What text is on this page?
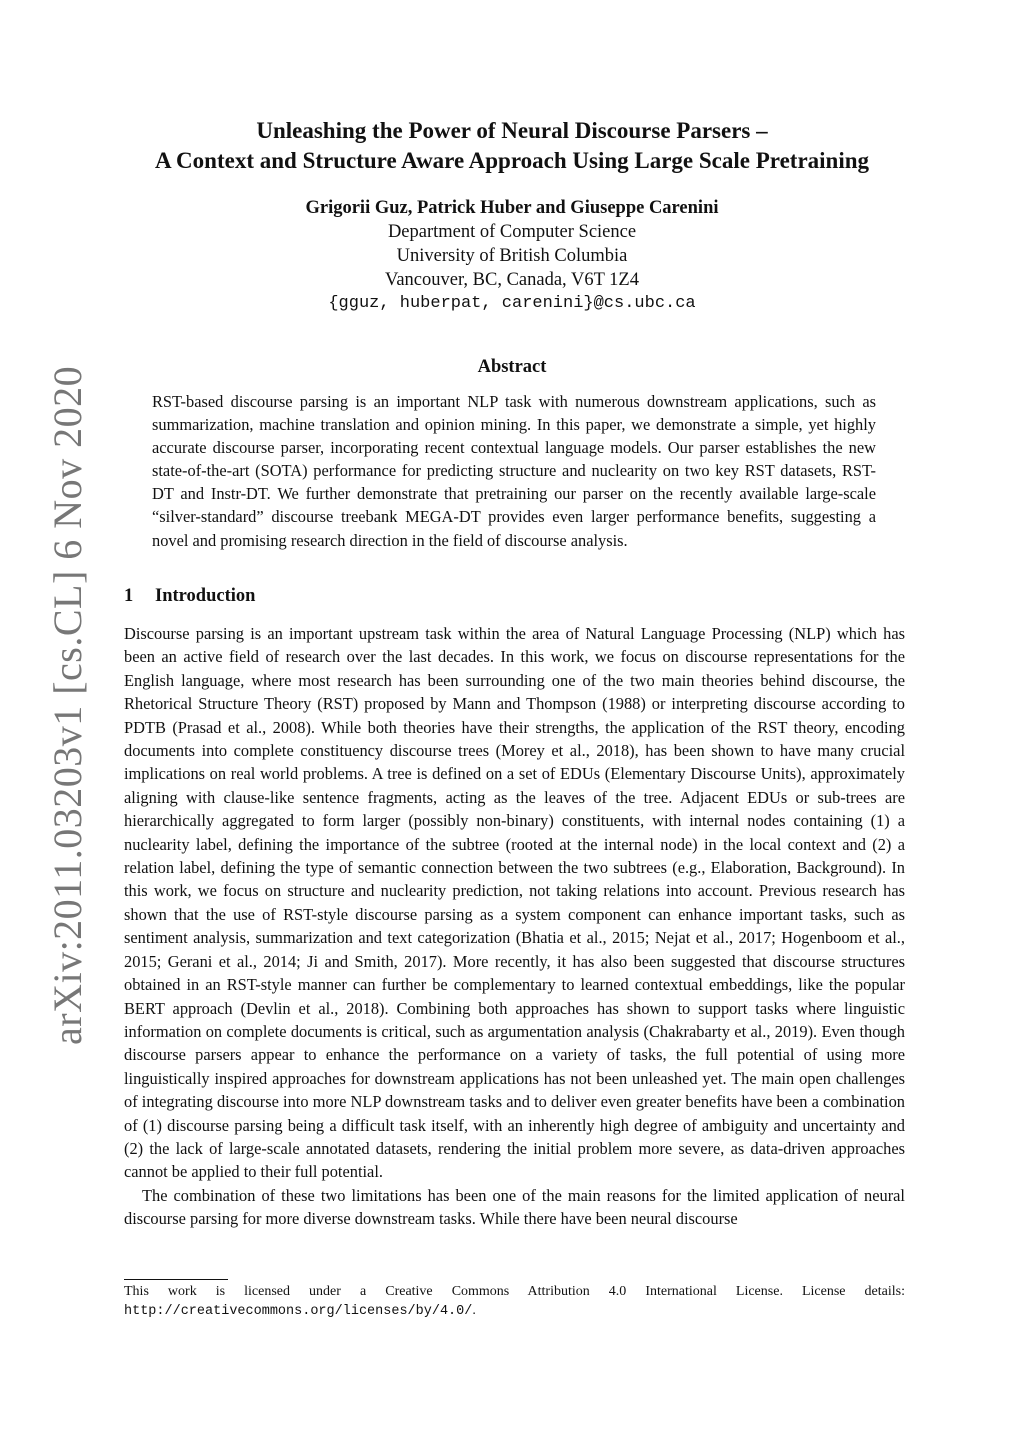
arXiv:2011.03203v1 [cs.CL] 6 Nov 2020
Unleashing the Power of Neural Discourse Parsers –
A Context and Structure Aware Approach Using Large Scale Pretraining
Grigorii Guz, Patrick Huber and Giuseppe Carenini
Department of Computer Science
University of British Columbia
Vancouver, BC, Canada, V6T 1Z4
{gguz, huberpat, carenini}@cs.ubc.ca
Abstract
RST-based discourse parsing is an important NLP task with numerous downstream applications, such as summarization, machine translation and opinion mining. In this paper, we demonstrate a simple, yet highly accurate discourse parser, incorporating recent contextual language models. Our parser establishes the new state-of-the-art (SOTA) performance for predicting structure and nuclearity on two key RST datasets, RST-DT and Instr-DT. We further demonstrate that pretraining our parser on the recently available large-scale “silver-standard” discourse treebank MEGA-DT provides even larger performance benefits, suggesting a novel and promising research direction in the field of discourse analysis.
1 Introduction

Discourse parsing is an important upstream task within the area of Natural Language Processing (NLP) which has been an active field of research over the last decades. In this work, we focus on discourse representations for the English language, where most research has been surrounding one of the two main theories behind discourse, the Rhetorical Structure Theory (RST) proposed by Mann and Thompson (1988) or interpreting discourse according to PDTB (Prasad et al., 2008). While both theories have their strengths, the application of the RST theory, encoding documents into complete constituency discourse trees (Morey et al., 2018), has been shown to have many crucial implications on real world problems. A tree is defined on a set of EDUs (Elementary Discourse Units), approximately aligning with clause-like sentence fragments, acting as the leaves of the tree. Adjacent EDUs or sub-trees are hierarchically aggregated to form larger (possibly non-binary) constituents, with internal nodes containing (1) a nuclearity label, defining the importance of the subtree (rooted at the internal node) in the local context and (2) a relation label, defining the type of semantic connection between the two subtrees (e.g., Elaboration, Background). In this work, we focus on structure and nuclearity prediction, not taking relations into account. Previous research has shown that the use of RST-style discourse parsing as a system component can enhance important tasks, such as sentiment analysis, summarization and text categorization (Bhatia et al., 2015; Nejat et al., 2017; Hogenboom et al., 2015; Gerani et al., 2014; Ji and Smith, 2017). More recently, it has also been suggested that discourse structures obtained in an RST-style manner can further be complementary to learned contextual embeddings, like the popular BERT approach (Devlin et al., 2018). Combining both approaches has shown to support tasks where linguistic information on complete documents is critical, such as argumentation analysis (Chakrabarty et al., 2019). Even though discourse parsers appear to enhance the performance on a variety of tasks, the full potential of using more linguistically inspired approaches for downstream applications has not been unleashed yet. The main open challenges of integrating discourse into more NLP downstream tasks and to deliver even greater benefits have been a combination of (1) discourse parsing being a difficult task itself, with an inherently high degree of ambiguity and uncertainty and (2) the lack of large-scale annotated datasets, rendering the initial problem more severe, as data-driven approaches cannot be applied to their full potential.

The combination of these two limitations has been one of the main reasons for the limited application of neural discourse parsing for more diverse downstream tasks. While there have been neural discourse

This work is licensed under a Creative Commons Attribution 4.0 International License. License details: http://creativecommons.org/licenses/by/4.0/.
